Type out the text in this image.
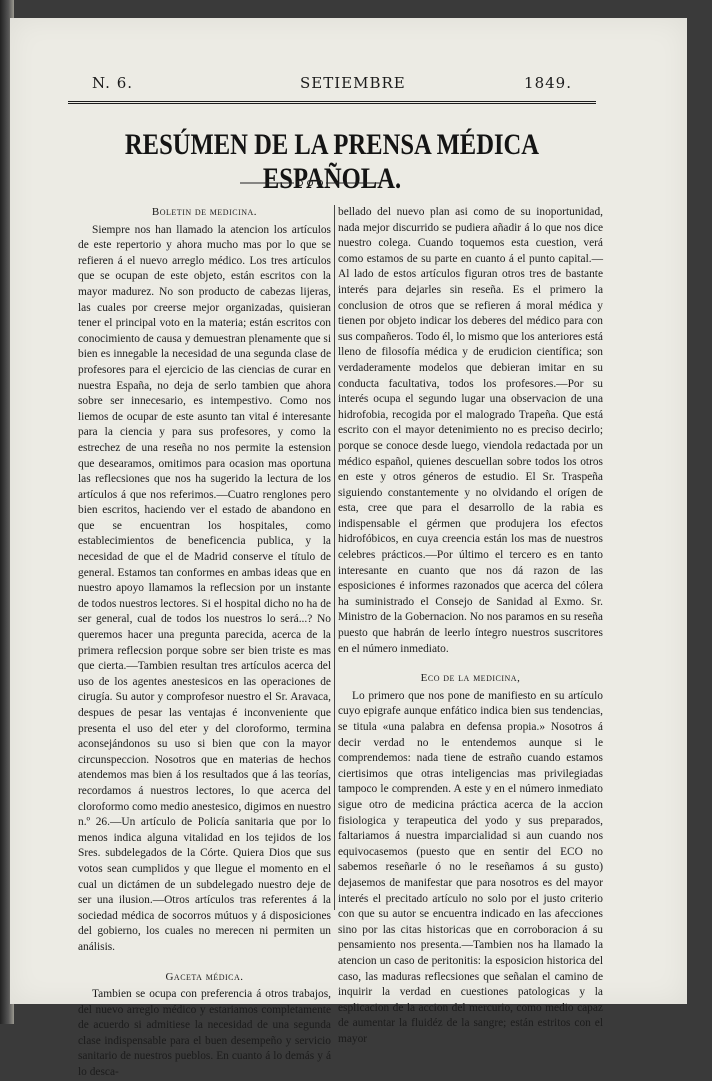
N. 6.	SETIEMBRE	1849.
RESÚMEN DE LA PRENSA MÉDICA ESPAÑOLA.
Boletin de medicina.

Siempre nos han llamado la atencion los artículos de este repertorio y ahora mucho mas por lo que se refieren á el nuevo arreglo médico. Los tres artículos que se ocupan de este objeto, están escritos con la mayor madurez. No son producto de cabezas lijeras, las cuales por creerse mejor organizadas, quisieran tener el principal voto en la materia; están escritos con conocimiento de causa y demuestran plenamente que si bien es innegable la necesidad de una segunda clase de profesores para el ejercicio de las ciencias de curar en nuestra España, no deja de serlo tambien que ahora sobre ser innecesario, es intempestivo. Como nos liemos de ocupar de este asunto tan vital é interesante para la ciencia y para sus profesores, y como la estrechez de una reseña no nos permite la estension que desearamos, omitimos para ocasion mas oportuna las reflecsiones que nos ha sugerido la lectura de los artículos á que nos referimos.—Cuatro renglones pero bien escritos, haciendo ver el estado de abandono en que se encuentran los hospitales, como establecimientos de beneficencia publica, y la necesidad de que el de Madrid conserve el título de general. Estamos tan conformes en ambas ideas que en nuestro apoyo llamamos la reflecsion por un instante de todos nuestros lectores. Si el hospital dicho no ha de ser general, cual de todos los nuestros lo será...? No queremos hacer una pregunta parecida, acerca de la primera reflecsion porque sobre ser bien triste es mas que cierta.—Tambien resultan tres artículos acerca del uso de los agentes anestesicos en las operaciones de cirugía. Su autor y comprofesor nuestro el Sr. Aravaca, despues de pesar las ventajas é inconveniente que presenta el uso del eter y del cloroformo, termina aconsejándonos su uso si bien que con la mayor circunspeccion. Nosotros que en materias de hechos atendemos mas bien á los resultados que á las teorías, recordamos á nuestros lectores, lo que acerca del cloroformo como medio anestesico, digimos en nuestro n.º 26.—Un artículo de Policía sanitaria que por lo menos indica alguna vitalidad en los tejidos de los Sres. subdelegados de la Córte. Quiera Dios que sus votos sean cumplidos y que llegue el momento en el cual un dictámen de un subdelegado nuestro deje de ser una ilusion.—Otros artículos tras referentes á la sociedad médica de socorros mútuos y á disposiciones del gobierno, los cuales no merecen ni permiten un análisis.

Gaceta médica.

Tambien se ocupa con preferencia á otros trabajos, del nuevo arreglo médico y estariamos completamente de acuerdo si admitiese la necesidad de una segunda clase indispensable para el buen desempeño y servicio sanitario de nuestros pueblos. En cuanto á lo demás y á lo desca-

bellado del nuevo plan asi como de su inoportunidad, nada mejor discurrido se pudiera añadir á lo que nos dice nuestro colega. Cuando toquemos esta cuestion, verá como estamos de su parte en cuanto á el punto capital.— Al lado de estos artículos figuran otros tres de bastante interés para dejarles sin reseña. Es el primero la conclusion de otros que se refieren á moral médica y tienen por objeto indicar los deberes del médico para con sus compañeros. Todo él, lo mismo que los anteriores está lleno de filosofía médica y de erudicion científica; son verdaderamente modelos que debieran imitar en su conducta facultativa, todos los profesores.—Por su interés ocupa el segundo lugar una observacion de una hidrofobia, recogida por el malogrado Trapeña. Que está escrito con el mayor detenimiento no es preciso decirlo; porque se conoce desde luego, viendola redactada por un médico español, quienes descuellan sobre todos los otros en este y otros géneros de estudio. El Sr. Traspeña siguiendo constantemente y no olvidando el orígen de esta, cree que para el desarrollo de la rabia es indispensable el gérmen que produjera los efectos hidrofóbicos, en cuya creencia están los mas de nuestros celebres prácticos.—Por último el tercero es en tanto interesante en cuanto que nos dá razon de las esposiciones é informes razonados que acerca del cólera ha suministrado el Consejo de Sanidad al Exmo. Sr. Ministro de la Gobernacion. No nos paramos en su reseña puesto que habrán de leerlo íntegro nuestros suscritores en el número inmediato.

Eco de la medicina,

Lo primero que nos pone de manifiesto en su artículo cuyo epigrafe aunque enfático indica bien sus tendencias, se titula «una palabra en defensa propia.» Nosotros á decir verdad no le entendemos aunque si le comprendemos: nada tiene de estraño cuando estamos ciertisimos que otras inteligencias mas privilegiadas tampoco le comprenden. A este y en el número inmediato sigue otro de medicina práctica acerca de la accion fisiologica y terapeutica del yodo y sus preparados, faltariamos á nuestra imparcialidad si aun cuando nos equivocasemos (puesto que en sentir del ECO no sabemos reseñarle ó no le reseñamos á su gusto) dejasemos de manifestar que para nosotros es del mayor interés el precitado artículo no solo por el justo criterio con que su autor se encuentra indicado en las afecciones sino por las citas historicas que en corroboracion á su pensamiento nos presenta.—Tambien nos ha llamado la atencion un caso de peritonitis: la esposicion historica del caso, las maduras reflecsiones que señalan el camino de inquirir la verdad en cuestiones patologicas y la esplicacion de la accion del mercurio, como medio capaz de aumentar la fluidéz de la sangre; están estritos con el mayor
